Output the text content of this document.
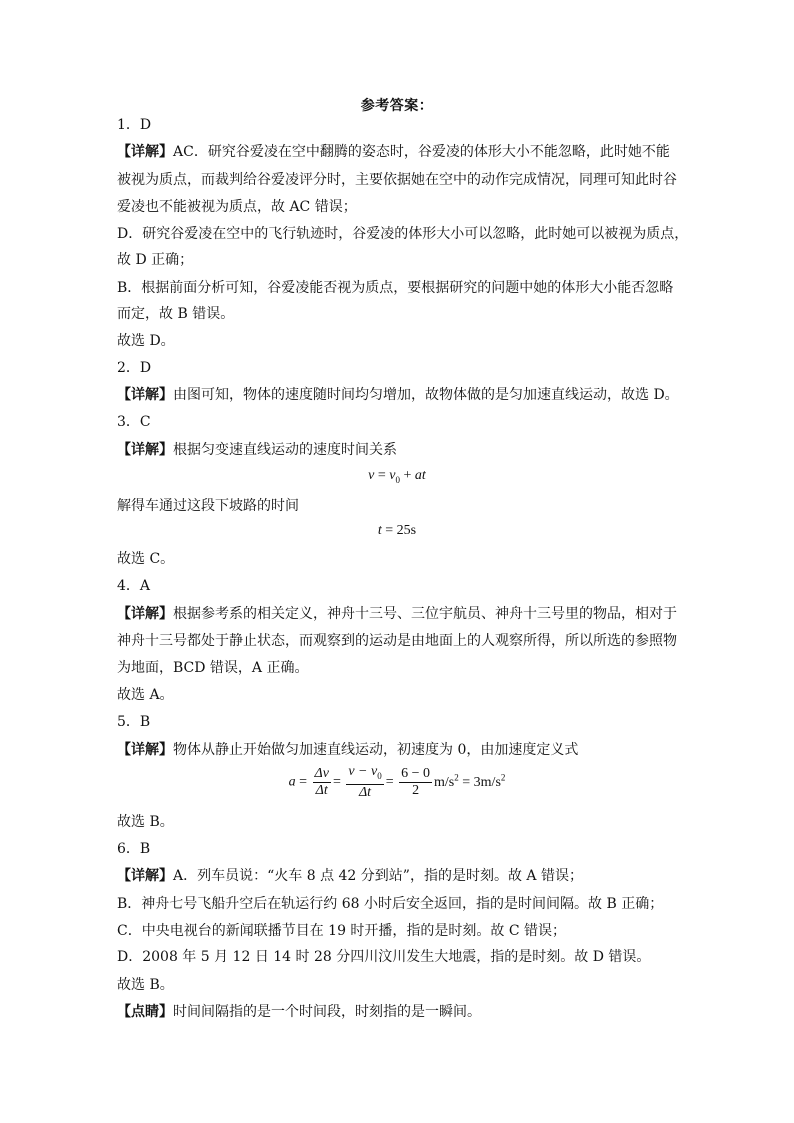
参考答案：
1．D
【详解】AC．研究谷爱凌在空中翻腾的姿态时，谷爱凌的体形大小不能忽略，此时她不能
被视为质点，而裁判给谷爱凌评分时，主要依据她在空中的动作完成情况，同理可知此时谷
爱凌也不能被视为质点，故 AC 错误；
D．研究谷爱凌在空中的飞行轨迹时，谷爱凌的体形大小可以忽略，此时她可以被视为质点，
故 D 正确；
B．根据前面分析可知，谷爱凌能否视为质点，要根据研究的问题中她的体形大小能否忽略
而定，故 B 错误。
故选 D。
2．D
【详解】由图可知，物体的速度随时间均匀增加，故物体做的是匀加速直线运动，故选 D。
3．C
【详解】根据匀变速直线运动的速度时间关系
$v = v_0$ + at
解得车通过这段下坡路的时间
t = 25s
故选 C。
4．A
【详解】根据参考系的相关定义，神舟十三号、三位宇航员、神舟十三号里的物品，相对于
神舟十三号都处于静止状态，而观察到的运动是由地面上的人观察所得，所以所选的参照物
为地面，BCD 错误，A 正确。
故选 A。
5．B
【详解】物体从静止开始做匀加速直线运动，初速度为 0，由加速度定义式
$a = \frac{\Delta v}{\Delta t} = \frac{v - v_0}{\Delta t} = \frac{6 - 0}{2} m/s^2 = 3m/s^2$
故选 B。
6．B
【详解】A．列车员说：“火车 8 点 42 分到站”，指的是时刻。故 A 错误；
B．神舟七号飞船升空后在轨运行约 68 小时后安全返回，指的是时间间隔。故 B 正确；
C．中央电视台的新闻联播节目在 19 时开播，指的是时刻。故 C 错误；
D．2008 年 5 月 12 日 14 时 28 分四川汶川发生大地震，指的是时刻。故 D 错误。
故选 B。
【点睛】时间间隔指的是一个时间段，时刻指的是一瞬间。
